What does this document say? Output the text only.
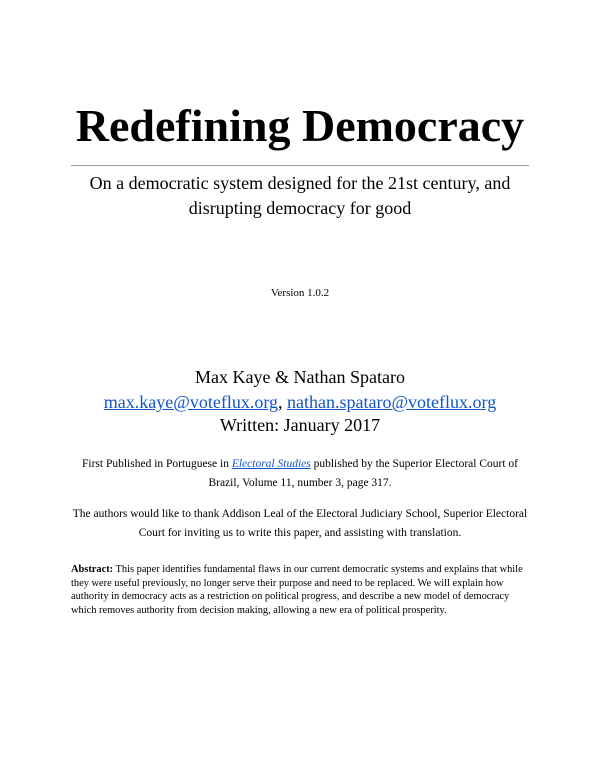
Redefining Democracy

On a democratic system designed for the 21st century, and disrupting democracy for good

Version 1.0.2
Max Kaye & Nathan Spataro
max.kaye@voteflux.org, nathan.spataro@voteflux.org
Written: January 2017

First Published in Portuguese in Electoral Studies published by the Superior Electoral Court of Brazil, Volume 11, number 3, page 317.

The authors would like to thank Addison Leal of the Electoral Judiciary School, Superior Electoral Court for inviting us to write this paper, and assisting with translation.

Abstract: This paper identifies fundamental flaws in our current democratic systems and explains that while they were useful previously, no longer serve their purpose and need to be replaced. We will explain how authority in democracy acts as a restriction on political progress, and describe a new model of democracy which removes authority from decision making, allowing a new era of political prosperity.
